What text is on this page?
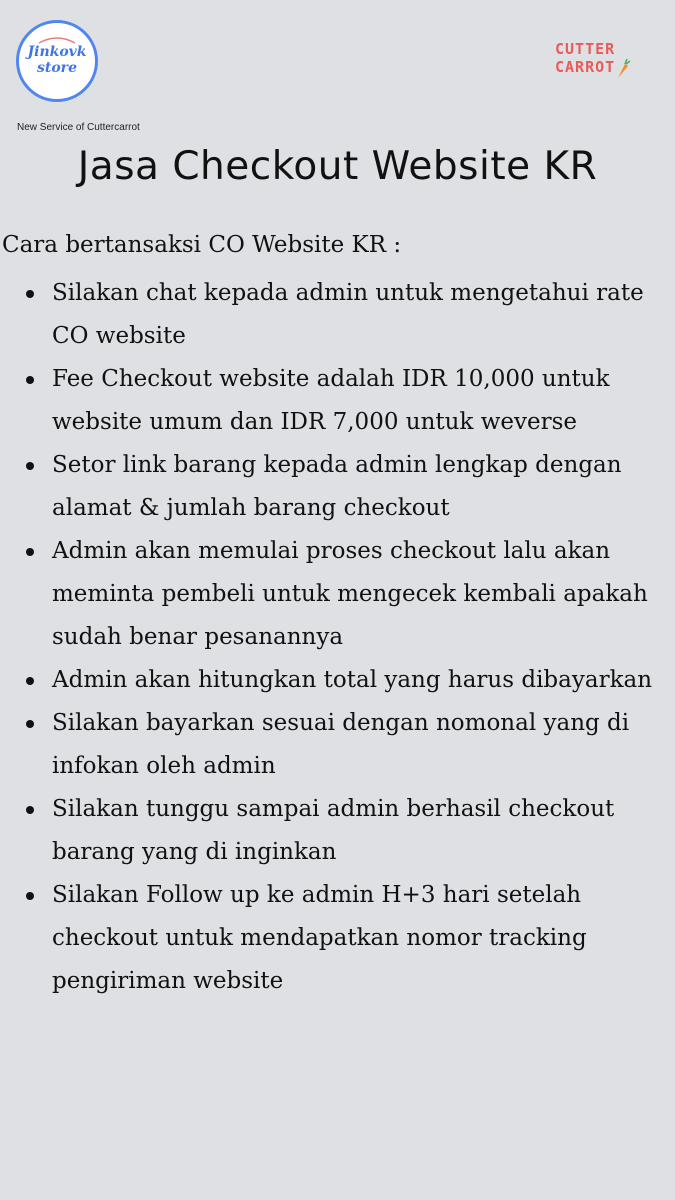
Jinkovk
store
New Service of Cuttercarrot
CUTTER
CARROT
Jasa Checkout Website KR
Cara bertansaksi CO Website KR :
Silakan chat kepada admin untuk mengetahui rate CO website
Fee Checkout website adalah IDR 10,000 untuk website umum dan IDR 7,000 untuk weverse
Setor link barang kepada admin lengkap dengan alamat & jumlah barang checkout
Admin akan memulai proses checkout lalu akan meminta pembeli untuk mengecek kembali apakah sudah benar pesanannya
Admin akan hitungkan total yang harus dibayarkan
Silakan bayarkan sesuai dengan nomonal yang di infokan oleh admin
Silakan tunggu sampai admin berhasil checkout barang yang di inginkan
Silakan Follow up ke admin H+3 hari setelah checkout untuk mendapatkan nomor tracking pengiriman website
